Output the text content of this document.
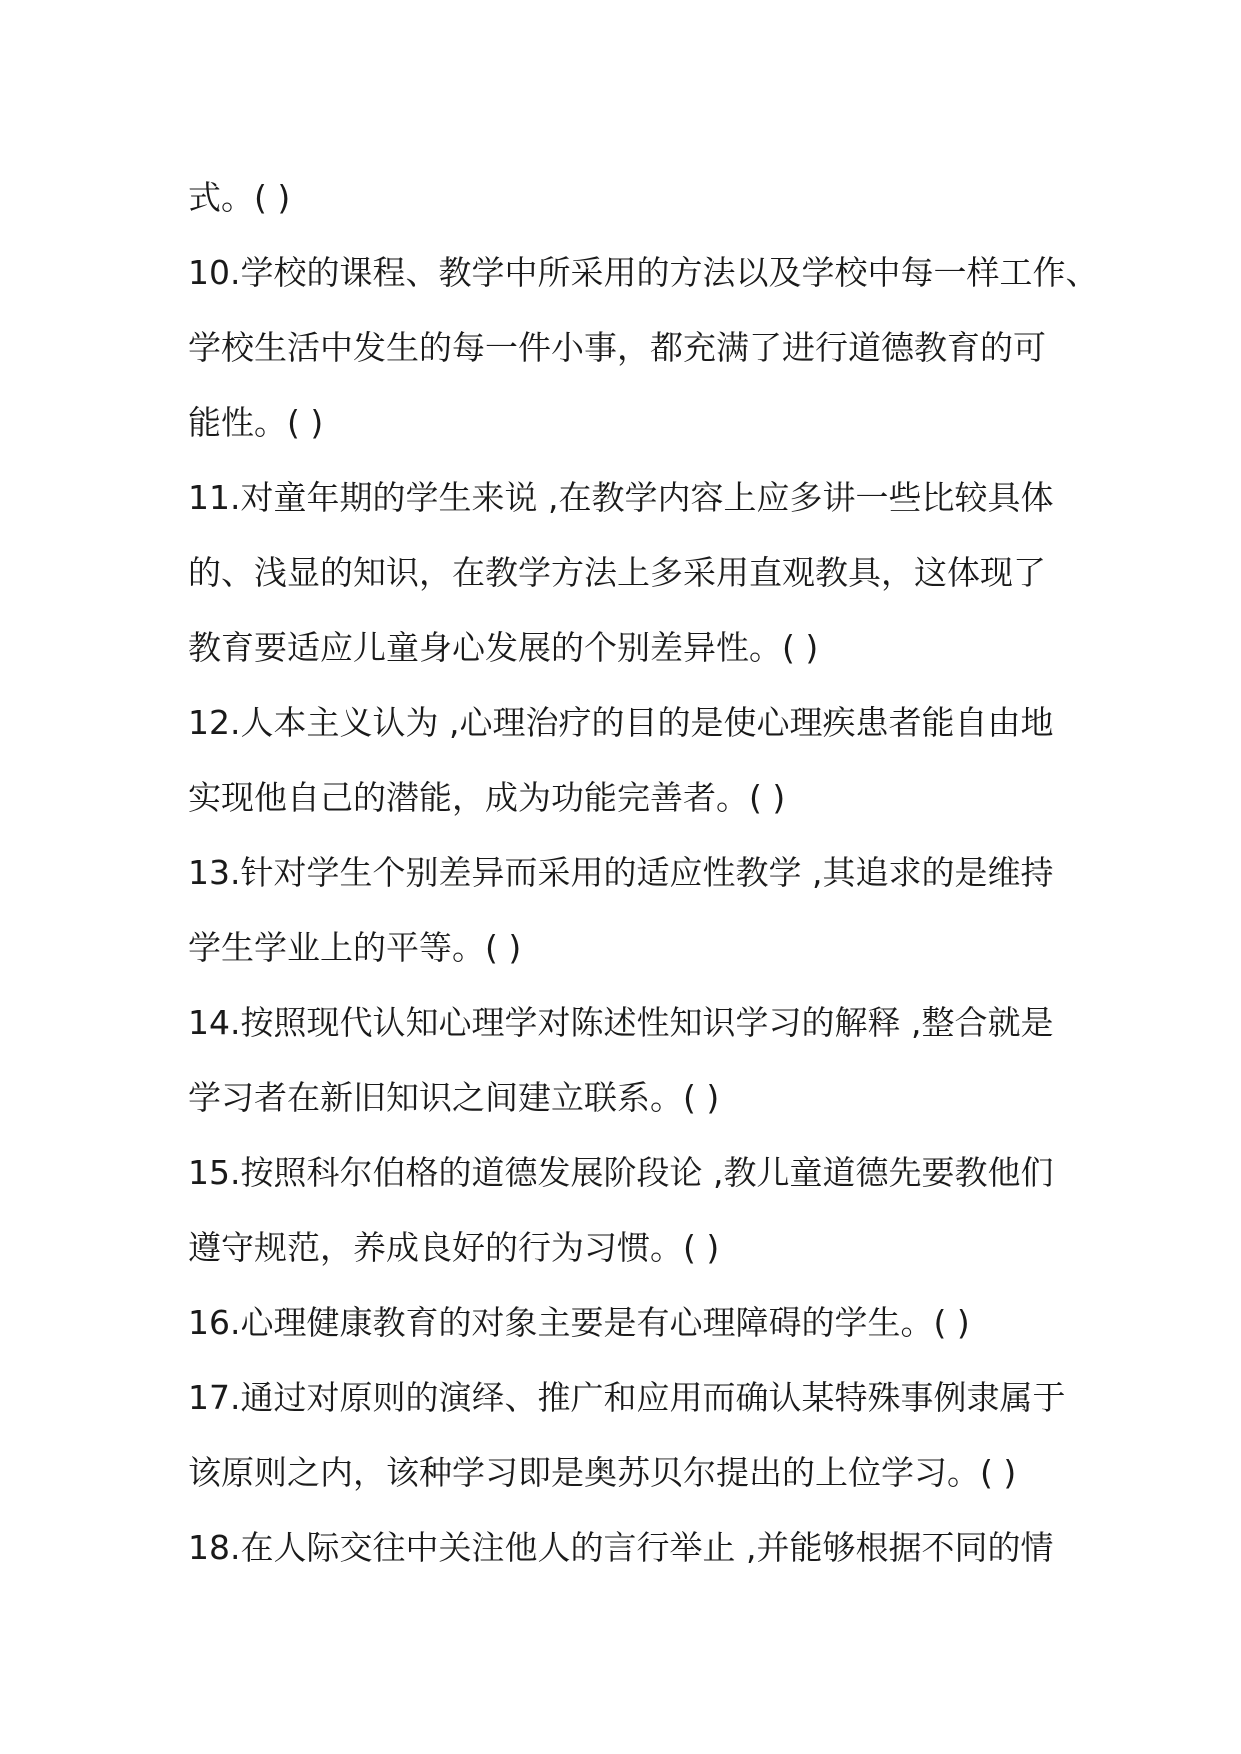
式。( )
10.学校的课程、教学中所采用的方法以及学校中每一样工作、
学校生活中发生的每一件小事，都充满了进行道德教育的可
能性。( )
11.对童年期的学生来说 ,在教学内容上应多讲一些比较具体
的、浅显的知识，在教学方法上多采用直观教具，这体现了
教育要适应儿童身心发展的个别差异性。( )
12.人本主义认为 ,心理治疗的目的是使心理疾患者能自由地
实现他自己的潜能，成为功能完善者。( )
13.针对学生个别差异而采用的适应性教学 ,其追求的是维持
学生学业上的平等。( )
14.按照现代认知心理学对陈述性知识学习的解释 ,整合就是
学习者在新旧知识之间建立联系。( )
15.按照科尔伯格的道德发展阶段论 ,教儿童道德先要教他们
遵守规范，养成良好的行为习惯。( )
16.心理健康教育的对象主要是有心理障碍的学生。( )
17.通过对原则的演绎、推广和应用而确认某特殊事例隶属于
该原则之内，该种学习即是奥苏贝尔提出的上位学习。( )
18.在人际交往中关注他人的言行举止 ,并能够根据不同的情
